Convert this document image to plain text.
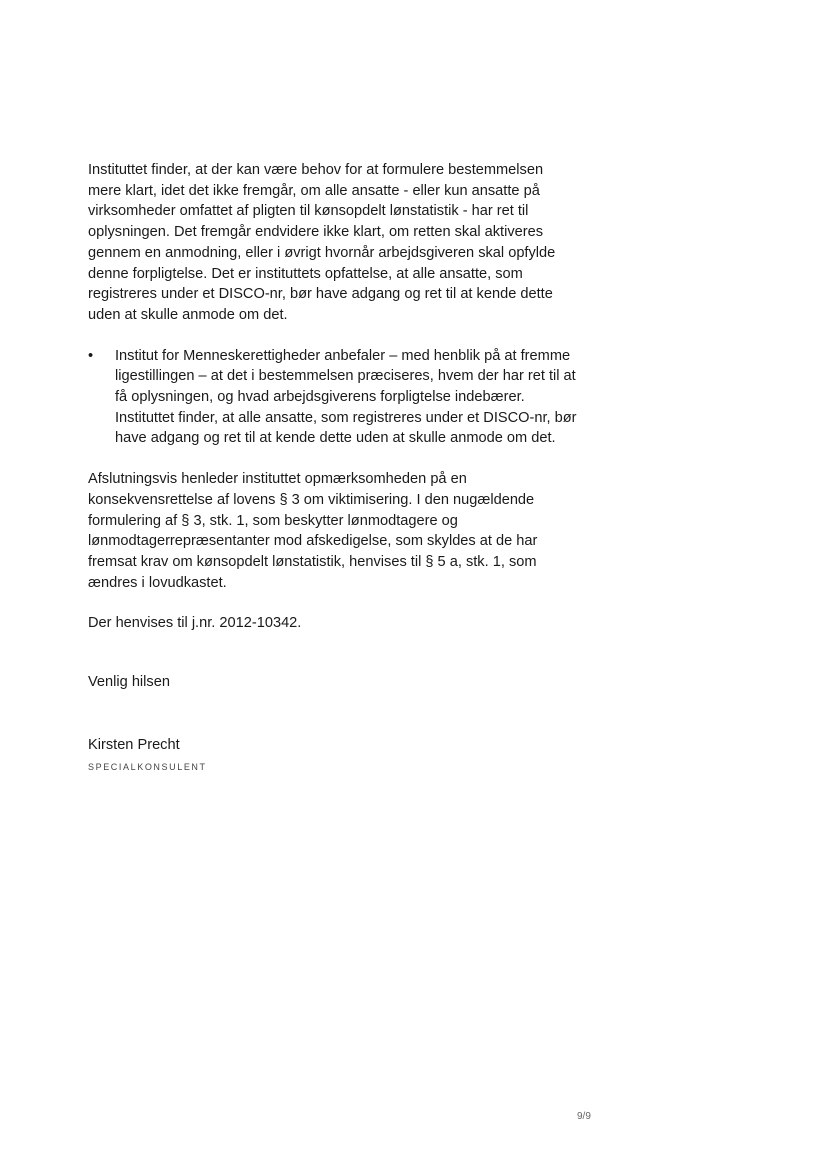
Instituttet finder, at der kan være behov for at formulere bestemmelsen mere klart, idet det ikke fremgår, om alle ansatte - eller kun ansatte på virksomheder omfattet af pligten til kønsopdelt lønstatistik - har ret til oplysningen. Det fremgår endvidere ikke klart, om retten skal aktiveres gennem en anmodning, eller i øvrigt hvornår arbejdsgiveren skal opfylde denne forpligtelse. Det er instituttets opfattelse, at alle ansatte, som registreres under et DISCO-nr, bør have adgang og ret til at kende dette uden at skulle anmode om det.

• Institut for Menneskerettigheder anbefaler – med henblik på at fremme ligestillingen – at det i bestemmelsen præciseres, hvem der har ret til at få oplysningen, og hvad arbejdsgiverens forpligtelse indebærer. Instituttet finder, at alle ansatte, som registreres under et DISCO-nr, bør have adgang og ret til at kende dette uden at skulle anmode om det.

Afslutningsvis henleder instituttet opmærksomheden på en konsekvensrettelse af lovens § 3 om viktimisering. I den nugældende formulering af § 3, stk. 1, som beskytter lønmodtagere og lønmodtagerrepræsentanter mod afskedigelse, som skyldes at de har fremsat krav om kønsopdelt lønstatistik, henvises til § 5 a, stk. 1, som ændres i lovudkastet.

Der henvises til j.nr. 2012-10342.

Venlig hilsen

Kirsten Precht

SPECIALKONSULENT

9/9
